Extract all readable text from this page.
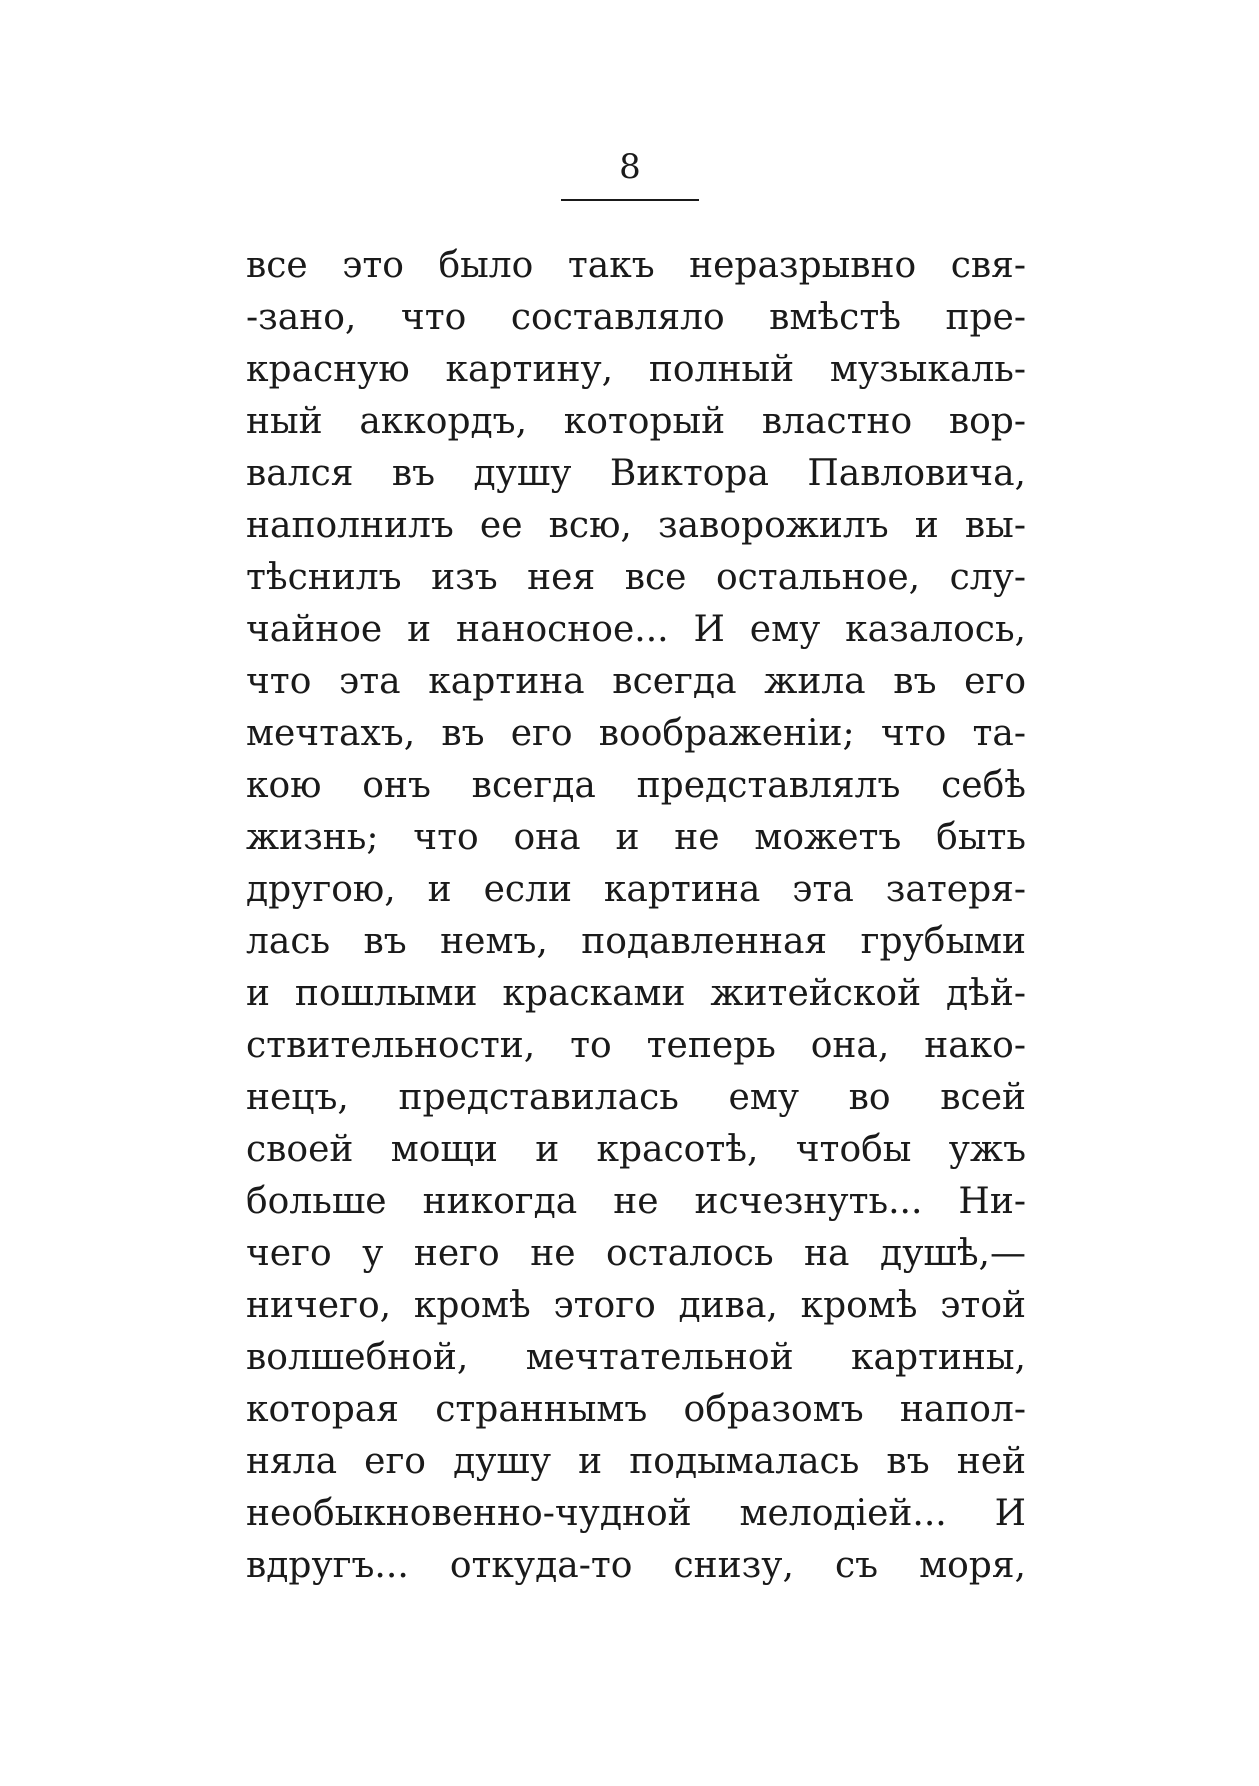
8
все это было такъ неразрывно свя-
-зано, что составляло вмѣстѣ пре-
красную картину, полный музыкаль-
ный аккордъ, который властно вор-
вался въ душу Виктора Павловича,
наполнилъ ее всю, заворожилъ и вы-
тѣснилъ изъ нея все остальное, слу-
чайное и наносное... И ему казалось,
что эта картина всегда жила въ его
мечтахъ, въ его воображеніи; что та-
кою онъ всегда представлялъ себѣ
жизнь; что она и не можетъ быть
другою, и если картина эта затеря-
лась въ немъ, подавленная грубыми
и пошлыми красками житейской дѣй-
ствительности, то теперь она, нако-
нецъ, представилась ему во всей
своей мощи и красотѣ, чтобы ужъ
больше никогда не исчезнуть... Ни-
чего у него не осталось на душѣ,—
ничего, кромѣ этого дива, кромѣ этой
волшебной, мечтательной картины,
которая страннымъ образомъ напол-
няла его душу и подымалась въ ней
необыкновенно-чудной мелодіей... И
вдругъ... откуда-то снизу, съ моря,
